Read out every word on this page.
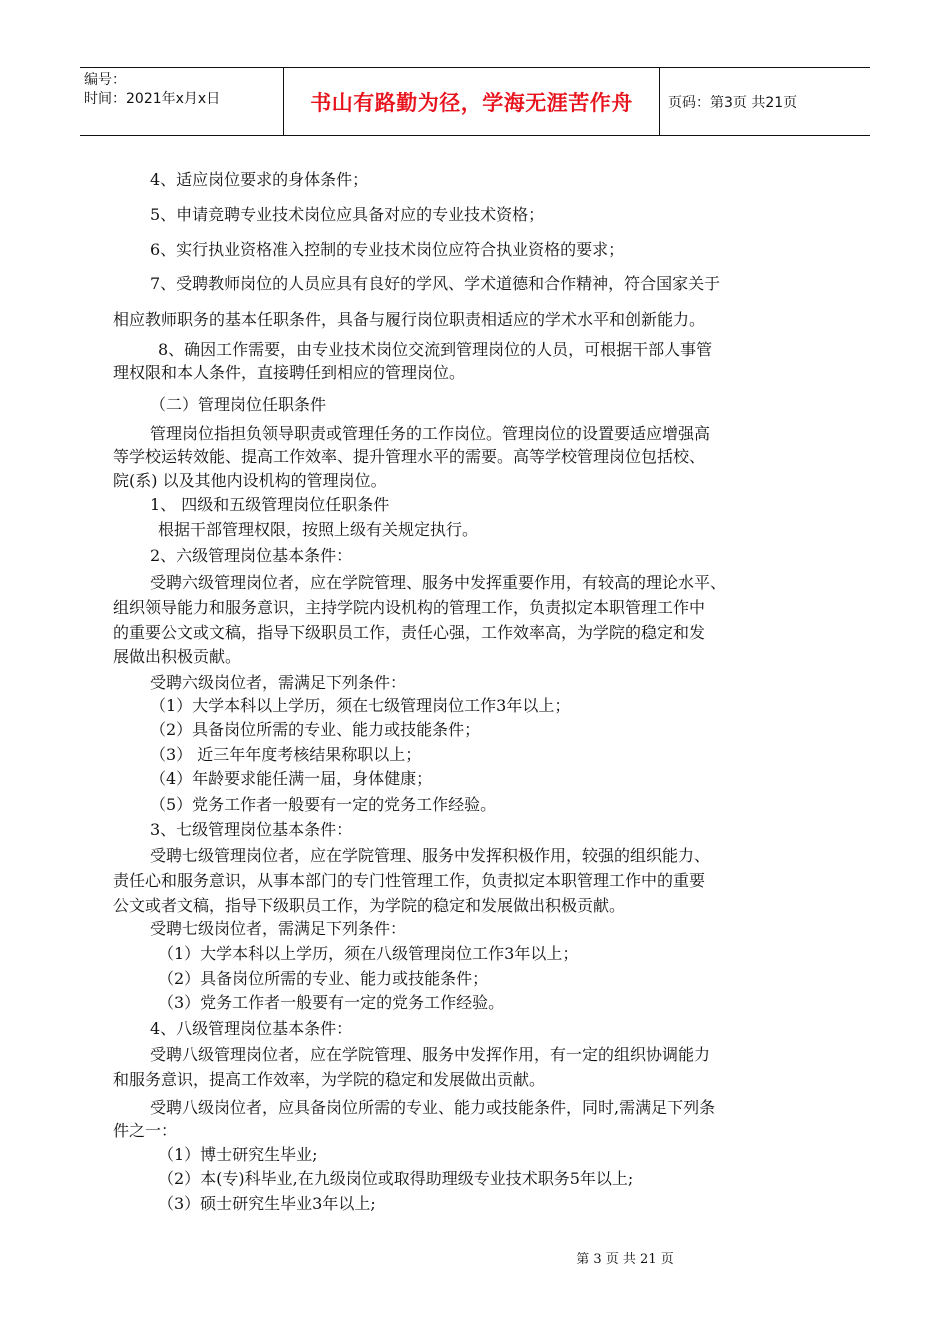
编号：
时间：2021年x月x日	书山有路勤为径，学海无涯苦作舟	页码：第3页 共21页
4、适应岗位要求的身体条件；
5、申请竞聘专业技术岗位应具备对应的专业技术资格；
6、实行执业资格准入控制的专业技术岗位应符合执业资格的要求；
7、受聘教师岗位的人员应具有良好的学风、学术道德和合作精神，符合国家关于
相应教师职务的基本任职条件，具备与履行岗位职责相适应的学术水平和创新能力。
8、确因工作需要，由专业技术岗位交流到管理岗位的人员，可根据干部人事管
理权限和本人条件，直接聘任到相应的管理岗位。
（二）管理岗位任职条件
管理岗位指担负领导职责或管理任务的工作岗位。管理岗位的设置要适应增强高
等学校运转效能、提高工作效率、提升管理水平的需要。高等学校管理岗位包括校、
院(系) 以及其他内设机构的管理岗位。
1、 四级和五级管理岗位任职条件
根据干部管理权限，按照上级有关规定执行。
2、六级管理岗位基本条件：
受聘六级管理岗位者，应在学院管理、服务中发挥重要作用，有较高的理论水平、
组织领导能力和服务意识，主持学院内设机构的管理工作，负责拟定本职管理工作中
的重要公文或文稿，指导下级职员工作，责任心强，工作效率高，为学院的稳定和发
展做出积极贡献。
受聘六级岗位者，需满足下列条件：
（1）大学本科以上学历，须在七级管理岗位工作3年以上；
（2）具备岗位所需的专业、能力或技能条件；
（3） 近三年年度考核结果称职以上；
（4）年龄要求能任满一届，身体健康；
（5）党务工作者一般要有一定的党务工作经验。
3、七级管理岗位基本条件：
受聘七级管理岗位者，应在学院管理、服务中发挥积极作用，较强的组织能力、
责任心和服务意识，从事本部门的专门性管理工作，负责拟定本职管理工作中的重要
公文或者文稿，指导下级职员工作，为学院的稳定和发展做出积极贡献。
受聘七级岗位者，需满足下列条件：
（1）大学本科以上学历，须在八级管理岗位工作3年以上；
（2）具备岗位所需的专业、能力或技能条件；
（3）党务工作者一般要有一定的党务工作经验。
4、八级管理岗位基本条件：
受聘八级管理岗位者，应在学院管理、服务中发挥作用，有一定的组织协调能力
和服务意识，提高工作效率，为学院的稳定和发展做出贡献。
受聘八级岗位者，应具备岗位所需的专业、能力或技能条件，同时,需满足下列条
件之一：
（1）博士研究生毕业;
（2）本(专)科毕业,在九级岗位或取得助理级专业技术职务5年以上;
（3）硕士研究生毕业3年以上;
第 3 页 共 21 页
